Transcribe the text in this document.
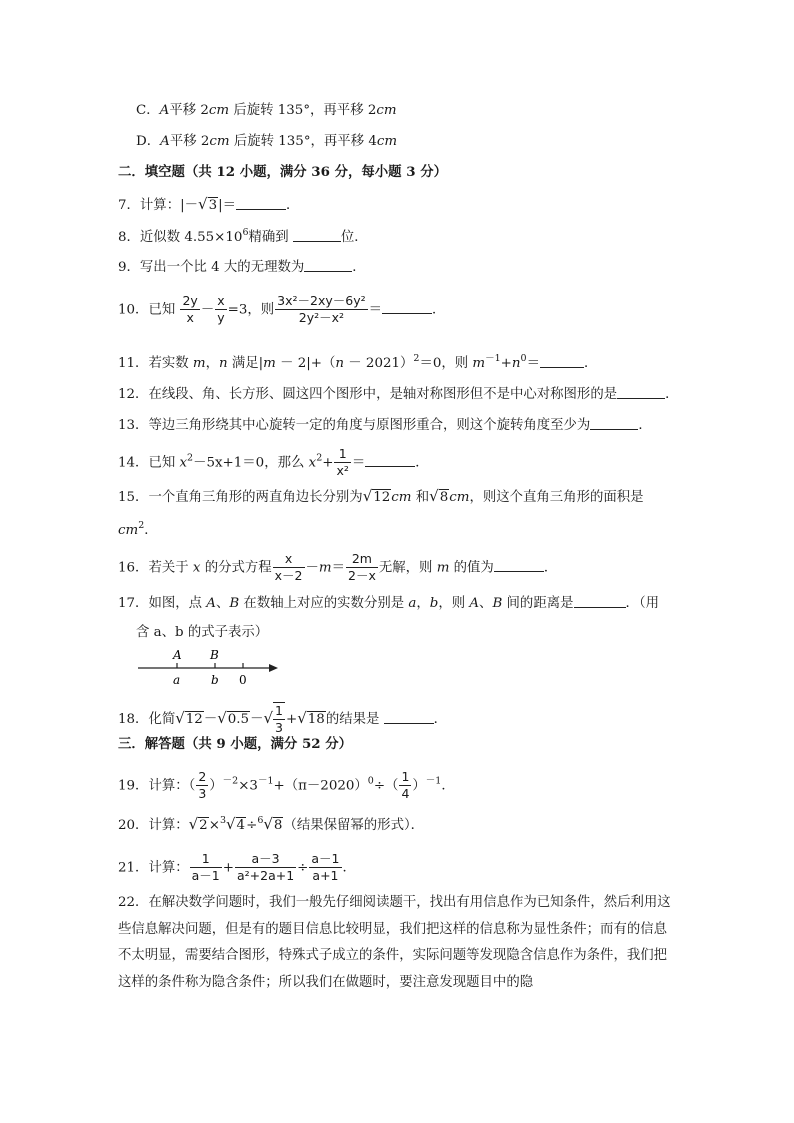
C．A平移 2cm 后旋转 135°，再平移 2cm
D．A平移 2cm 后旋转 135°，再平移 4cm
二．填空题（共 12 小题，满分 36 分，每小题 3 分）
7．计算：|－√3|＝	．
8．近似数 $4.55\times 10^6$精确到	位．
9．写出一个比 4 大的无理数为	．
10．已知 $\frac{2y}{x} - \frac{x}{y} =3$，则 $\frac{\text{3x²－2xy－6y²}}{\text{2y²－x²}}$ ＝	．
11．若实数 m，n 满足$|m - 2|+(n - 2021)^2=0$，则 $m^{-1}+n^0=$	．
12．在线段、角、长方形、圆这四个图形中，是轴对称图形但不是中心对称图形的是	．
13．等边三角形绕其中心旋转一定的角度与原图形重合，则这个旋转角度至少为	．
14．已知 $x^2-5x+1=0$，那么 $x^2+ \frac{1}{\text{x²}}$ ＝	．
15．一个直角三角形的两直角边长分别为√12cm 和√8cm，则这个直角三角形的面积是
$cm^2$．
16．若关于 x 的分式方程 $\frac{x}{x-2} -m= \frac{2m}{2-x}$ 无解，则 m 的值为	．
17．如图，点 A、B 在数轴上对应的实数分别是 a，b，则 A、B 间的距离是	．（用
含 a、b 的式子表示）
A B
a	b 0
18．化简$√12-√0.5-√ \frac{1}{3} +√18$的结果是	．
三．解答题（共 9 小题，满分 52 分）
19．计算：（ $\frac{2}{3} )^{-2}\times 3^{-1}+(\pi-2020)^0\div( \frac{1}{4} )^{-1}$．
20．计算：√2×$^3$√4÷$^6$√8（结果保留幂的形式）．
21．计算： $\frac{1}{a-1} + \frac{a-3}{\text{a²+2a+1}} \div \frac{a-1}{a+1}$ ．
22．在解决数学问题时，我们一般先仔细阅读题干，找出有用信息作为已知条件，然后利用这些信息解决问题，但是有的题目信息比较明显，我们把这样的信息称为显性条件；而有的信息不太明显，需要结合图形，特殊式子成立的条件，实际问题等发现隐含信息作为条件，我们把这样的条件称为隐含条件；所以我们在做题时，要注意发现题目中的隐
